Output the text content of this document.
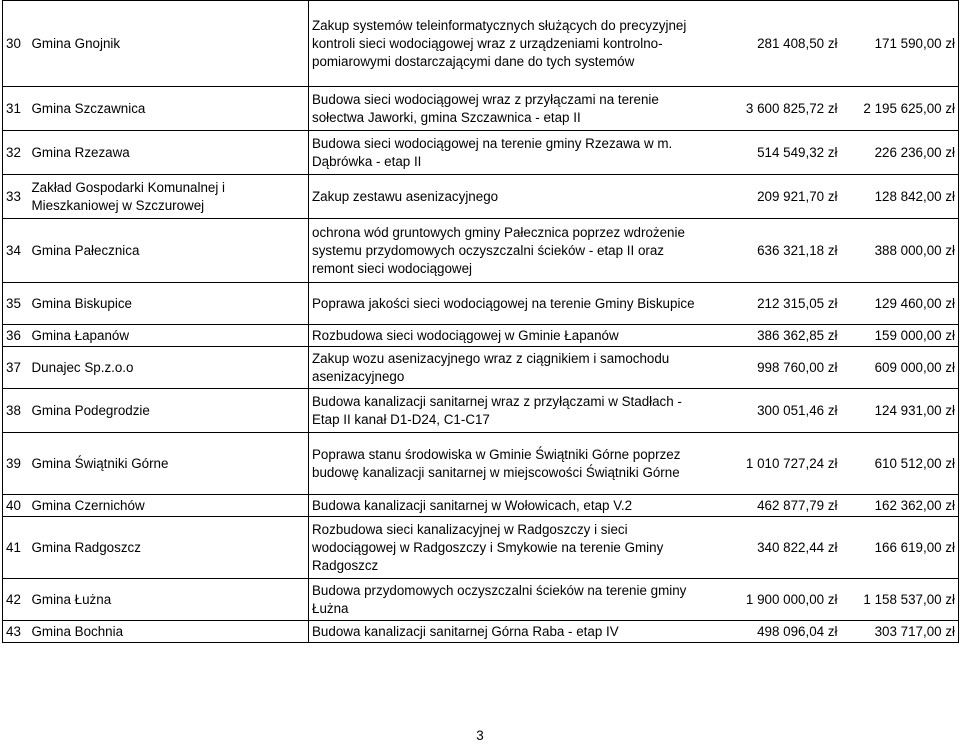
30	Gmina Gnojnik	Zakup systemów teleinformatycznych służących do precyzyjnej kontroli sieci wodociągowej wraz z urządzeniami kontrolno-pomiarowymi dostarczającymi dane do tych systemów	281 408,50 zł	171 590,00 zł
31	Gmina Szczawnica	Budowa sieci wodociągowej wraz z przyłączami na terenie sołectwa Jaworki, gmina Szczawnica - etap II	3 600 825,72 zł	2 195 625,00 zł
32	Gmina Rzezawa	Budowa sieci wodociągowej na terenie gminy Rzezawa w m. Dąbrówka - etap II	514 549,32 zł	226 236,00 zł
33	Zakład Gospodarki Komunalnej i Mieszkaniowej w Szczurowej	Zakup zestawu asenizacyjnego	209 921,70 zł	128 842,00 zł
34	Gmina Pałecznica	ochrona wód gruntowych gminy Pałecznica poprzez wdrożenie systemu przydomowych oczyszczalni ścieków - etap II oraz remont sieci wodociągowej	636 321,18 zł	388 000,00 zł
35	Gmina Biskupice	Poprawa jakości sieci wodociągowej na terenie Gminy Biskupice	212 315,05 zł	129 460,00 zł
36	Gmina Łapanów	Rozbudowa sieci wodociągowej w Gminie Łapanów	386 362,85 zł	159 000,00 zł
37	Dunajec Sp.z.o.o	Zakup wozu asenizacyjnego wraz z ciągnikiem i samochodu asenizacyjnego	998 760,00 zł	609 000,00 zł
38	Gmina Podegrodzie	Budowa kanalizacji sanitarnej wraz z przyłączami w Stadłach - Etap II kanał D1-D24, C1-C17	300 051,46 zł	124 931,00 zł
39	Gmina Świątniki Górne	Poprawa stanu środowiska w Gminie Świątniki Górne poprzez budowę kanalizacji sanitarnej w miejscowości Świątniki Górne	1 010 727,24 zł	610 512,00 zł
40	Gmina Czernichów	Budowa kanalizacji sanitarnej w Wołowicach, etap V.2	462 877,79 zł	162 362,00 zł
41	Gmina Radgoszcz	Rozbudowa sieci kanalizacyjnej w Radgoszczy i sieci wodociągowej w Radgoszczy i Smykowie na terenie Gminy Radgoszcz	340 822,44 zł	166 619,00 zł
42	Gmina Łużna	Budowa przydomowych oczyszczalni ścieków na terenie gminy Łużna	1 900 000,00 zł	1 158 537,00 zł
43	Gmina Bochnia	Budowa kanalizacji sanitarnej Górna Raba - etap IV	498 096,04 zł	303 717,00 zł
3
